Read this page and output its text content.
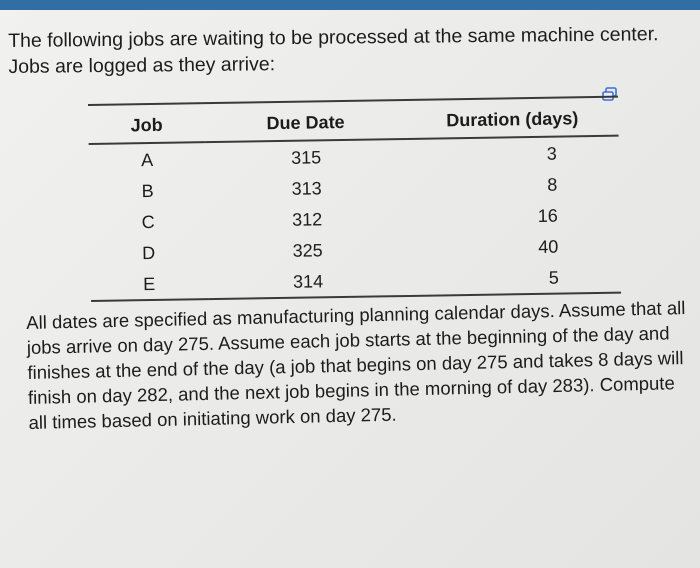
The following jobs are waiting to be processed at the same machine center. Jobs are logged as they arrive:
Job	Due Date	Duration (days)
A	315	3
B	313	8
C	312	16
D	325	40
E	314	5
All dates are specified as manufacturing planning calendar days. Assume that all jobs arrive on day 275. Assume each job starts at the beginning of the day and finishes at the end of the day (a job that begins on day 275 and takes 8 days will finish on day 282, and the next job begins in the morning of day 283). Compute all times based on initiating work on day 275.
